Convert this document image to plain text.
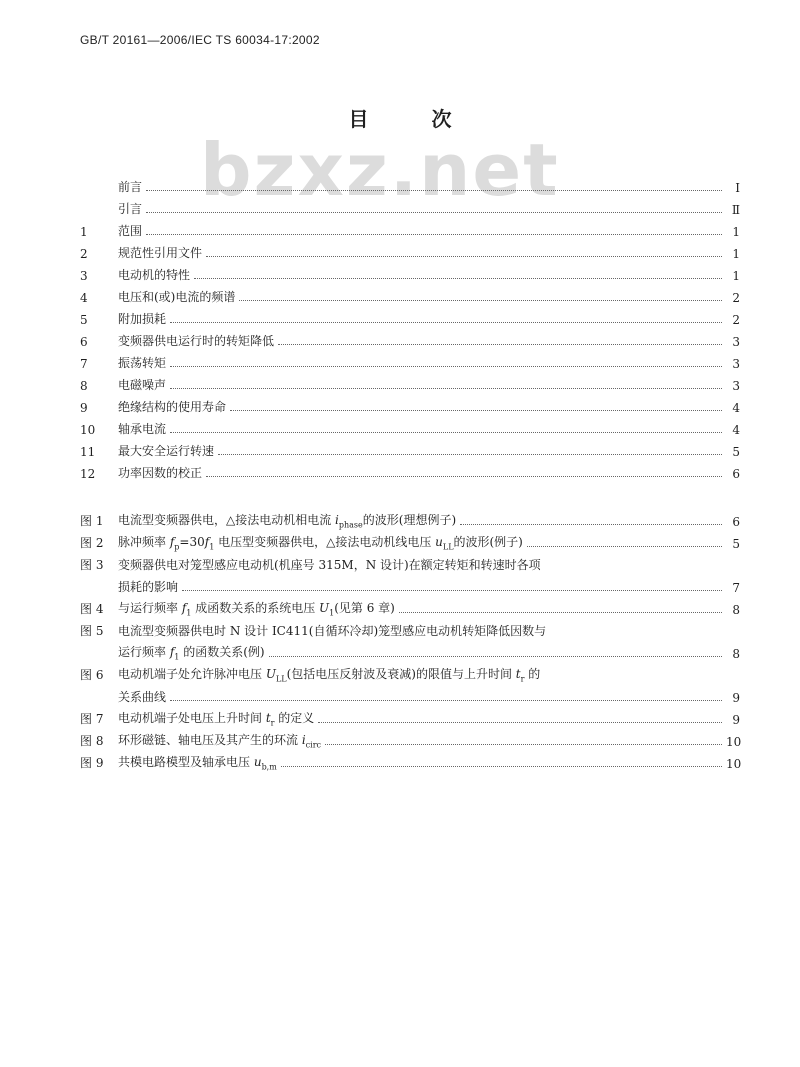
GB/T 20161—2006/IEC TS 60034-17:2002
bzxz.net
目 次
前言	Ⅰ
引言	Ⅱ
1	范围	1
2	规范性引用文件	1
3	电动机的特性	1
4	电压和(或)电流的频谱	2
5	附加损耗	2
6	变频器供电运行时的转矩降低	3
7	振荡转矩	3
8	电磁噪声	3
9	绝缘结构的使用寿命	4
10	轴承电流	4
11	最大安全运行转速	5
12	功率因数的校正	6
图 1	电流型变频器供电，△接法电动机相电流 $i_{phase}$的波形(理想例子)	6
图 2	脉冲频率 $f_p=30f_1$ 电压型变频器供电，△接法电动机线电压 $u_{LL}$的波形(例子)	5
图 3	变频器供电对笼型感应电动机(机座号 315M，N 设计)在额定转矩和转速时各项
损耗的影响	7
图 4	与运行频率 $f_1$ 成函数关系的系统电压 $U_1$(见第 6 章)	8
图 5	电流型变频器供电时 N 设计 IC411(自循环冷却)笼型感应电动机转矩降低因数与
运行频率 $f_1$ 的函数关系(例)	8
图 6	电动机端子处允许脉冲电压 $U_{LL}$(包括电压反射波及衰减)的限值与上升时间 $t_r$ 的
关系曲线	9
图 7	电动机端子处电压上升时间 $t_r$ 的定义	9
图 8	环形磁链、轴电压及其产生的环流 $i_{circ}$	10
图 9	共模电路模型及轴承电压 $u_{b,m}$	10
